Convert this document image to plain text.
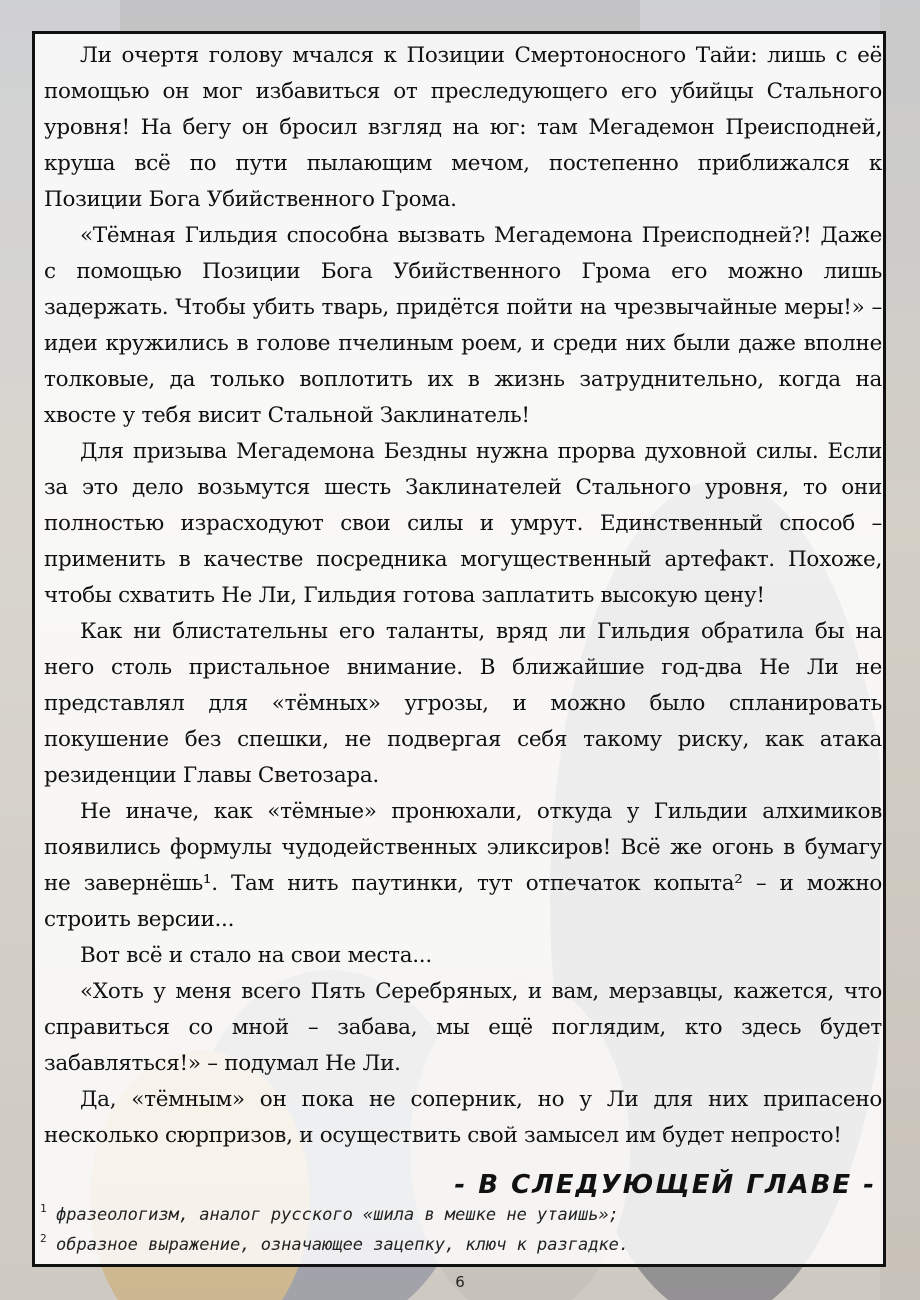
Ли очертя голову мчался к Позиции Смертоносного Тайи: лишь с её помощью он мог избавиться от преследующего его убийцы Стального уровня! На бегу он бросил взгляд на юг: там Мегадемон Преисподней, круша всё по пути пылающим мечом, постепенно приближался к Позиции Бога Убийственного Грома.

«Тёмная Гильдия способна вызвать Мегадемона Преисподней?! Даже с помощью Позиции Бога Убийственного Грома его можно лишь задержать. Чтобы убить тварь, придётся пойти на чрезвычайные меры!» – идеи кружились в голове пчелиным роем, и среди них были даже вполне толковые, да только воплотить их в жизнь затруднительно, когда на хвосте у тебя висит Стальной Заклинатель!

Для призыва Мегадемона Бездны нужна прорва духовной силы. Если за это дело возьмутся шесть Заклинателей Стального уровня, то они полностью израсходуют свои силы и умрут. Единственный способ – применить в качестве посредника могущественный артефакт. Похоже, чтобы схватить Не Ли, Гильдия готова заплатить высокую цену!

Как ни блистательны его таланты, вряд ли Гильдия обратила бы на него столь пристальное внимание. В ближайшие год-два Не Ли не представлял для «тёмных» угрозы, и можно было спланировать покушение без спешки, не подвергая себя такому риску, как атака резиденции Главы Светозара.

Не иначе, как «тёмные» пронюхали, откуда у Гильдии алхимиков появились формулы чудодейственных эликсиров! Всё же огонь в бумагу не завернёшь¹. Там нить паутинки, тут отпечаток копыта² – и можно строить версии...

Вот всё и стало на свои места...

«Хоть у меня всего Пять Серебряных, и вам, мерзавцы, кажется, что справиться со мной – забава, мы ещё поглядим, кто здесь будет забавляться!» – подумал Не Ли.

Да, «тёмным» он пока не соперник, но у Ли для них припасено несколько сюрпризов, и осуществить свой замысел им будет непросто!

- В СЛЕДУЮЩЕЙ ГЛАВЕ -
1 фразеологизм, аналог русского «шила в мешке не утаишь»;
2 образное выражение, означающее зацепку, ключ к разгадке.
6
